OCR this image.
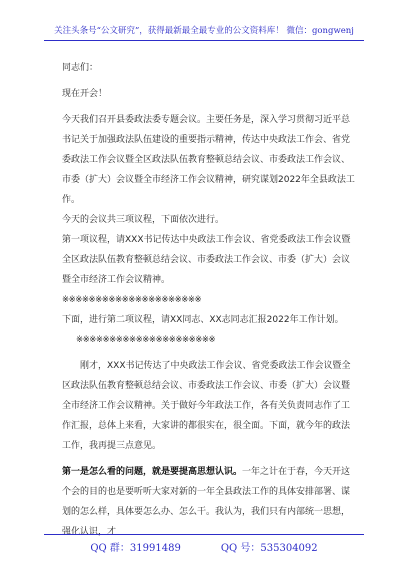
关注头条号“公文研究”，获得最新最全最专业的公文资料库！ 微信：gongwenj

同志们：

现在开会！

今天我们召开县委政法委专题会议。主要任务是，深入学习贯彻习近平总书记关于加强政法队伍建设的重要指示精神，传达中央政法工作会、省党委政法工作会议暨全区政法队伍教育整顿总结会议、市委政法工作会议、市委（扩大）会议暨全市经济工作会议精神，研究谋划2022年全县政法工作。

今天的会议共三项议程，下面依次进行。

第一项议程，请XXX书记传达中央政法工作会议、省党委政法工作会议暨全区政法队伍教育整顿总结会议、市委政法工作会议、市委（扩大）会议暨全市经济工作会议精神。

※※※※※※※※※※※※※※※※※※※※※

下面，进行第二项议程，请XX同志、XX志同志汇报2022年工作计划。

※※※※※※※※※※※※※※※※※※※※※

刚才，XXX书记传达了中央政法工作会议、省党委政法工作会议暨全区政法队伍教育整顿总结会议、市委政法工作会议、市委（扩大）会议暨全市经济工作会议精神。关于做好今年政法工作，各有关负责同志作了工作汇报，总体上来看，大家讲的都很实在，很全面。下面，就今年的政法工作，我再提三点意见。

第一是怎么看的问题，就是要提高思想认识。一年之计在于春，今天开这个会的目的也是要听听大家对新的一年全县政法工作的具体安排部署、谋划的怎么样，具体要怎么办、怎么干。我认为，我们只有内部统一思想，强化认识，才

QQ 群：31991489	QQ 号：535304092
